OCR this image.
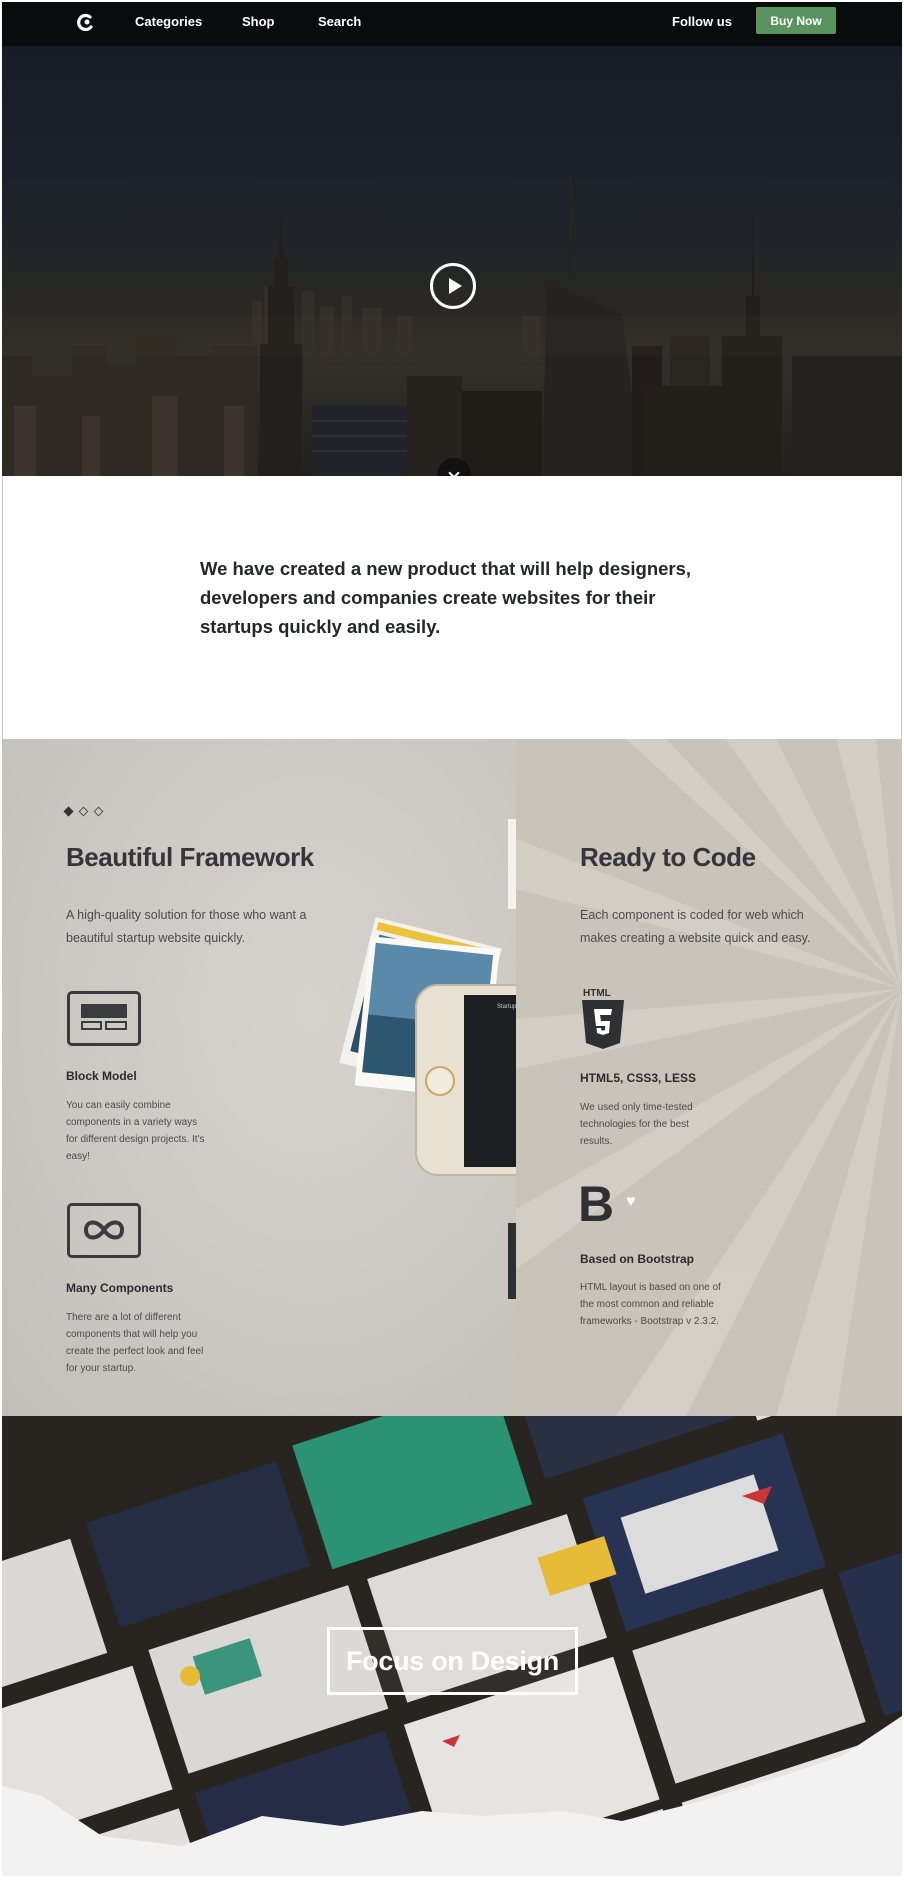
Categories	Shop	Search	Follow us	Buy Now

We have created a new product that will help designers, developers and companies create websites for their startups quickly and easily.

Beautiful Framework

A high-quality solution for those who want a beautiful startup website quickly.

Block Model

You can easily combine components in a variety ways for different design projects. It's easy!

Many Components

There are a lot of different components that will help you create the perfect look and feel for your startup.

Startup
Ready to Code

Each component is coded for web which makes creating a website quick and easy.

HTML
HTML5, CSS3, LESS

We used only time-tested technologies for the best results.

B ♥
Based on Bootstrap

HTML layout is based on one of the most common and reliable frameworks - Bootstrap v 2.3.2.

Focus on Design
